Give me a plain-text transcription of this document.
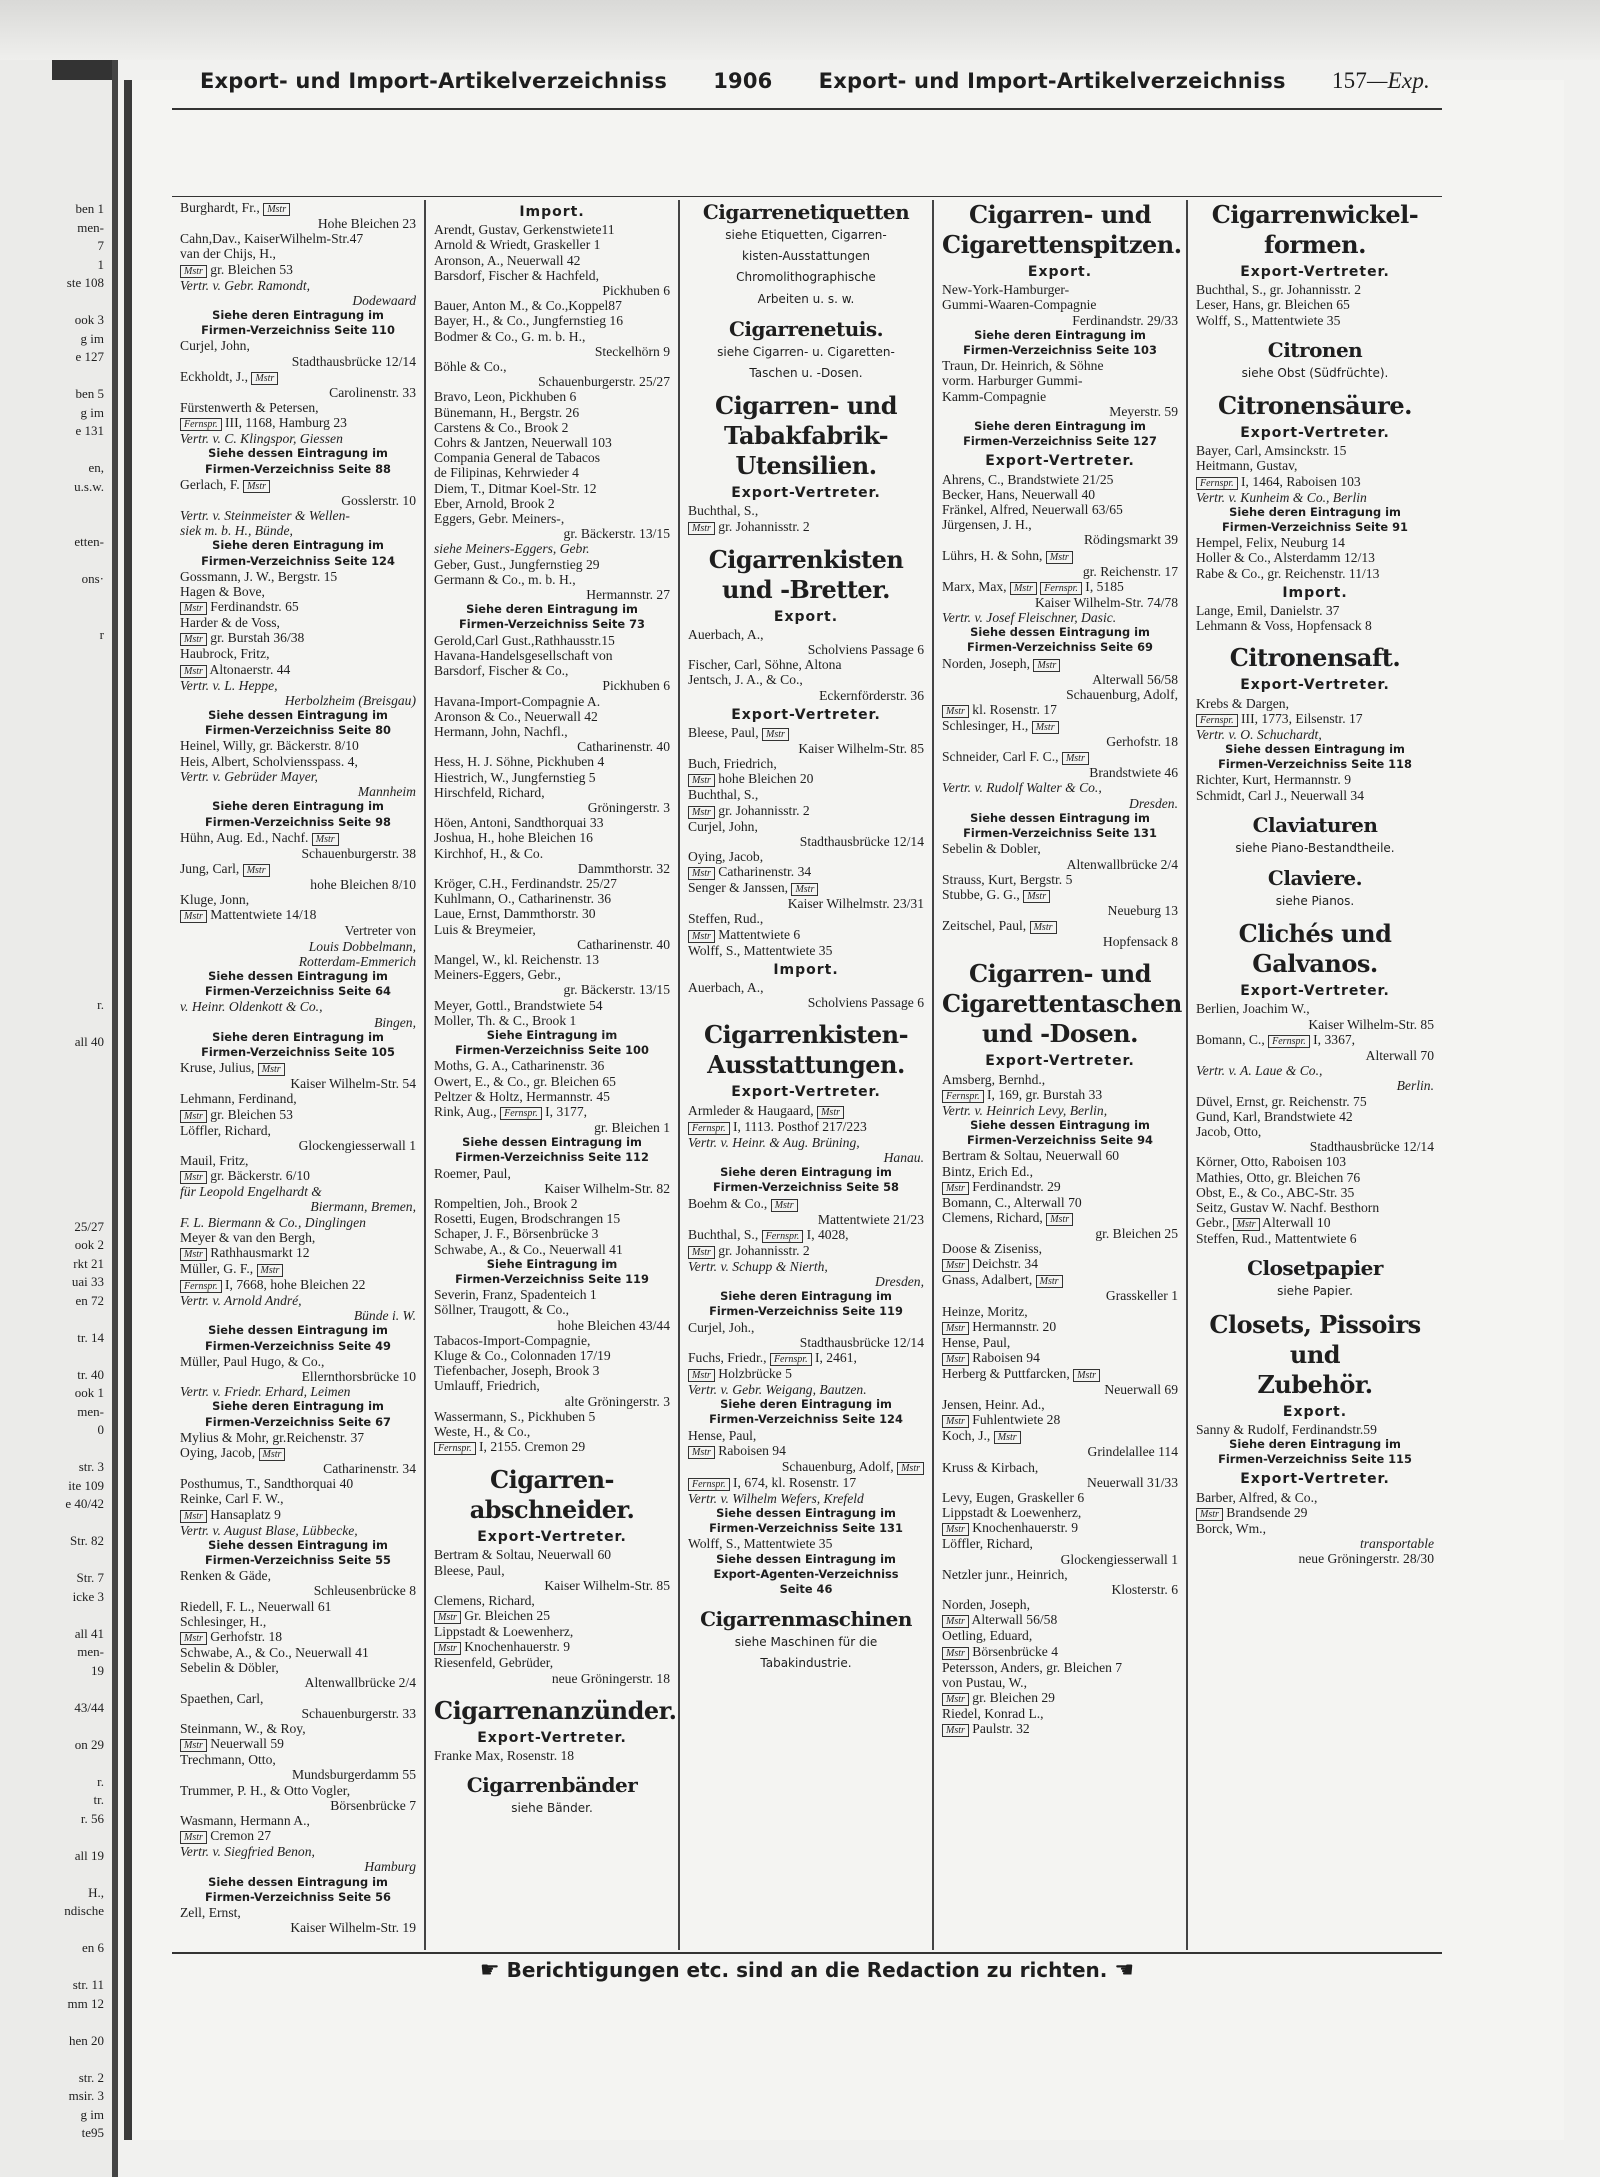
ben 1
men-
7
1
ste 108

ook 3
g im
e 127

ben 5
g im
e 131

en,
u.s.w.

etten-

ons·

r

r.

all 40

25/27
ook 2
rkt 21
uai 33
en 72

tr. 14

tr. 40
ook 1
men-
0

str. 3
ite 109
e 40/42

Str. 82

Str. 7
icke 3

all 41
men-
19

43/44

on 29

r.
tr.
r. 56

all 19

H.,
ndische

en 6

str. 11
mm 12

hen 20

str. 2
msir. 3
g im
te95
Export- und Import-Artikelverzeichniss 1906 Export- und Import-Artikelverzeichniss 157—Exp.
Burghardt, Fr., Mstr
Hohe Bleichen 23
Cahn,Dav., KaiserWilhelm-Str.47
van der Chijs, H.,
Mstr gr. Bleichen 53
Vertr. v. Gebr. Ramondt,
Dodewaard
Siehe deren Eintragung im
Firmen-Verzeichniss Seite 110
Curjel, John,
Stadthausbrücke 12/14
Eckholdt, J., Mstr
Carolinenstr. 33
Fürstenwerth & Petersen,
Fernspr. III, 1168, Hamburg 23
Vertr. v. C. Klingspor, Giessen
Siehe dessen Eintragung im
Firmen-Verzeichniss Seite 88
Gerlach, F. Mstr
Gosslerstr. 10
Vertr. v. Steinmeister & Wellen-
siek m. b. H., Bünde,
Siehe deren Eintragung im
Firmen-Verzeichniss Seite 124
Gossmann, J. W., Bergstr. 15
Hagen & Bove,
Mstr Ferdinandstr. 65
Harder & de Voss,
Mstr gr. Burstah 36/38
Haubrock, Fritz,
Mstr Altonaerstr. 44
Vertr. v. L. Heppe,
Herbolzheim (Breisgau)
Siehe dessen Eintragung im
Firmen-Verzeichniss Seite 80
Heinel, Willy, gr. Bäckerstr. 8/10
Heis, Albert, Scholviensspass. 4,
Vertr. v. Gebrüder Mayer,
Mannheim
Siehe deren Eintragung im
Firmen-Verzeichniss Seite 98
Hühn, Aug. Ed., Nachf. Mstr
Schauenburgerstr. 38
Jung, Carl, Mstr
hohe Bleichen 8/10
Kluge, Jonn,
Mstr Mattentwiete 14/18
Vertreter von
Louis Dobbelmann,
Rotterdam-Emmerich
Siehe dessen Eintragung im
Firmen-Verzeichniss Seite 64
v. Heinr. Oldenkott & Co.,
Bingen,
Siehe deren Eintragung im
Firmen-Verzeichniss Seite 105
Kruse, Julius, Mstr
Kaiser Wilhelm-Str. 54
Lehmann, Ferdinand,
Mstr gr. Bleichen 53
Löffler, Richard,
Glockengiesserwall 1
Mauil, Fritz,
Mstr gr. Bäckerstr. 6/10
für Leopold Engelhardt &
Biermann, Bremen,
F. L. Biermann & Co., Dinglingen
Meyer & van den Bergh,
Mstr Rathhausmarkt 12
Müller, G. F., Mstr
Fernspr. I, 7668, hohe Bleichen 22
Vertr. v. Arnold André,
Bünde i. W.
Siehe dessen Eintragung im
Firmen-Verzeichniss Seite 49
Müller, Paul Hugo, & Co.,
Ellernthorsbrücke 10
Vertr. v. Friedr. Erhard, Leimen
Siehe deren Eintragung im
Firmen-Verzeichniss Seite 67
Mylius & Mohr, gr.Reichenstr. 37
Oying, Jacob, Mstr
Catharinenstr. 34
Posthumus, T., Sandthorquai 40
Reinke, Carl F. W.,
Mstr Hansaplatz 9
Vertr. v. August Blase, Lübbecke,
Siehe dessen Eintragung im
Firmen-Verzeichniss Seite 55
Renken & Gäde,
Schleusenbrücke 8
Riedell, F. L., Neuerwall 61
Schlesinger, H.,
Mstr Gerhofstr. 18
Schwabe, A., & Co., Neuerwall 41
Sebelin & Döbler,
Altenwallbrücke 2/4
Spaethen, Carl,
Schauenburgerstr. 33
Steinmann, W., & Roy,
Mstr Neuerwall 59
Trechmann, Otto,
Mundsburgerdamm 55
Trummer, P. H., & Otto Vogler,
Börsenbrücke 7
Wasmann, Hermann A.,
Mstr Cremon 27
Vertr. v. Siegfried Benon,
Hamburg
Siehe dessen Eintragung im
Firmen-Verzeichniss Seite 56
Zell, Ernst,
Kaiser Wilhelm-Str. 19
Import.
Arendt, Gustav, Gerkenstwiete11
Arnold & Wriedt, Graskeller 1
Aronson, A., Neuerwall 42
Barsdorf, Fischer & Hachfeld,
Pickhuben 6
Bauer, Anton M., & Co.,Koppel87
Bayer, H., & Co., Jungfernstieg 16
Bodmer & Co., G. m. b. H.,
Steckelhörn 9
Böhle & Co.,
Schauenburgerstr. 25/27
Bravo, Leon, Pickhuben 6
Bünemann, H., Bergstr. 26
Carstens & Co., Brook 2
Cohrs & Jantzen, Neuerwall 103
Compania General de Tabacos
de Filipinas, Kehrwieder 4
Diem, T., Ditmar Koel-Str. 12
Eber, Arnold, Brook 2
Eggers, Gebr. Meiners-,
gr. Bäckerstr. 13/15
siehe Meiners-Eggers, Gebr.
Geber, Gust., Jungfernstieg 29
Germann & Co., m. b. H.,
Hermannstr. 27
Siehe deren Eintragung im
Firmen-Verzeichniss Seite 73
Gerold,Carl Gust.,Rathhausstr.15
Havana-Handelsgesellschaft von
Barsdorf, Fischer & Co.,
Pickhuben 6
Havana-Import-Compagnie A.
Aronson & Co., Neuerwall 42
Hermann, John, Nachfl.,
Catharinenstr. 40
Hess, H. J. Söhne, Pickhuben 4
Hiestrich, W., Jungfernstieg 5
Hirschfeld, Richard,
Gröningerstr. 3
Höen, Antoni, Sandthorquai 33
Joshua, H., hohe Bleichen 16
Kirchhof, H., & Co.
Dammthorstr. 32
Kröger, C.H., Ferdinandstr. 25/27
Kuhlmann, O., Catharinenstr. 36
Laue, Ernst, Dammthorstr. 30
Luis & Breymeier,
Catharinenstr. 40
Mangel, W., kl. Reichenstr. 13
Meiners-Eggers, Gebr.,
gr. Bäckerstr. 13/15
Meyer, Gottl., Brandstwiete 54
Moller, Th. & C., Brook 1
Siehe Eintragung im
Firmen-Verzeichniss Seite 100
Moths, G. A., Catharinenstr. 36
Owert, E., & Co., gr. Bleichen 65
Peltzer & Holtz, Hermannstr. 45
Rink, Aug., Fernspr. I, 3177,
gr. Bleichen 1
Siehe dessen Eintragung im
Firmen-Verzeichniss Seite 112
Roemer, Paul,
Kaiser Wilhelm-Str. 82
Rompeltien, Joh., Brook 2
Rosetti, Eugen, Brodschrangen 15
Schaper, J. F., Börsenbrücke 3
Schwabe, A., & Co., Neuerwall 41
Siehe Eintragung im
Firmen-Verzeichniss Seite 119
Severin, Franz, Spadenteich 1
Söllner, Traugott, & Co.,
hohe Bleichen 43/44
Tabacos-Import-Compagnie,
Kluge & Co., Colonnaden 17/19
Tiefenbacher, Joseph, Brook 3
Umlauff, Friedrich,
alte Gröningerstr. 3
Wassermann, S., Pickhuben 5
Weste, H., & Co.,
Fernspr. I, 2155. Cremon 29
Cigarren-
abschneider.
Export-Vertreter.
Bertram & Soltau, Neuerwall 60
Bleese, Paul,
Kaiser Wilhelm-Str. 85
Clemens, Richard,
Mstr Gr. Bleichen 25
Lippstadt & Loewenherz,
Mstr Knochenhauerstr. 9
Riesenfeld, Gebrüder,
neue Gröningerstr. 18
Cigarrenanzünder.
Export-Vertreter.
Franke Max, Rosenstr. 18
Cigarrenbänder
siehe Bänder.
Cigarrenetiquetten
siehe Etiquetten, Cigarren-
kisten-Ausstattungen
Chromolithographische
Arbeiten u. s. w.
Cigarrenetuis.
siehe Cigarren- u. Cigaretten-
Taschen u. -Dosen.
Cigarren- und
Tabakfabrik-
Utensilien.
Export-Vertreter.
Buchthal, S.,
Mstr gr. Johannisstr. 2
Cigarrenkisten
und -Bretter.
Export.
Auerbach, A.,
Scholviens Passage 6
Fischer, Carl, Söhne, Altona
Jentsch, J. A., & Co.,
Eckernförderstr. 36
Export-Vertreter.
Bleese, Paul, Mstr
Kaiser Wilhelm-Str. 85
Buch, Friedrich,
Mstr hohe Bleichen 20
Buchthal, S.,
Mstr gr. Johannisstr. 2
Curjel, John,
Stadthausbrücke 12/14
Oying, Jacob,
Mstr Catharinenstr. 34
Senger & Janssen, Mstr
Kaiser Wilhelmstr. 23/31
Steffen, Rud.,
Mstr Mattentwiete 6
Wolff, S., Mattentwiete 35
Import.
Auerbach, A.,
Scholviens Passage 6
Cigarrenkisten-
Ausstattungen.
Export-Vertreter.
Armleder & Haugaard, Mstr
Fernspr. I, 1113. Posthof 217/223
Vertr. v. Heinr. & Aug. Brüning,
Hanau.
Siehe deren Eintragung im
Firmen-Verzeichniss Seite 58
Boehm & Co., Mstr
Mattentwiete 21/23
Buchthal, S., Fernspr. I, 4028,
Mstr gr. Johannisstr. 2
Vertr. v. Schupp & Nierth,
Dresden,
Siehe deren Eintragung im
Firmen-Verzeichniss Seite 119
Curjel, Joh.,
Stadthausbrücke 12/14
Fuchs, Friedr., Fernspr. I, 2461,
Mstr Holzbrücke 5
Vertr. v. Gebr. Weigang, Bautzen.
Siehe deren Eintragung im
Firmen-Verzeichniss Seite 124
Hense, Paul,
Mstr Raboisen 94
Schauenburg, Adolf, Mstr
Fernspr. I, 674, kl. Rosenstr. 17
Vertr. v. Wilhelm Wefers, Krefeld
Siehe dessen Eintragung im
Firmen-Verzeichniss Seite 131
Wolff, S., Mattentwiete 35
Siehe dessen Eintragung im
Export-Agenten-Verzeichniss
Seite 46
Cigarrenmaschinen
siehe Maschinen für die
Tabakindustrie.
Cigarren- und
Cigarettenspitzen.
Export.
New-York-Hamburger-
Gummi-Waaren-Compagnie
Ferdinandstr. 29/33
Siehe deren Eintragung im
Firmen-Verzeichniss Seite 103
Traun, Dr. Heinrich, & Söhne
vorm. Harburger Gummi-
Kamm-Compagnie
Meyerstr. 59
Siehe deren Eintragung im
Firmen-Verzeichniss Seite 127
Export-Vertreter.
Ahrens, C., Brandstwiete 21/25
Becker, Hans, Neuerwall 40
Fränkel, Alfred, Neuerwall 63/65
Jürgensen, J. H.,
Rödingsmarkt 39
Lührs, H. & Sohn, Mstr
gr. Reichenstr. 17
Marx, Max, Mstr Fernspr. I, 5185
Kaiser Wilhelm-Str. 74/78
Vertr. v. Josef Fleischner, Dasic.
Siehe dessen Eintragung im
Firmen-Verzeichniss Seite 69
Norden, Joseph, Mstr
Alterwall 56/58
Schauenburg, Adolf,
Mstr kl. Rosenstr. 17
Schlesinger, H., Mstr
Gerhofstr. 18
Schneider, Carl F. C., Mstr
Brandstwiete 46
Vertr. v. Rudolf Walter & Co.,
Dresden.
Siehe dessen Eintragung im
Firmen-Verzeichniss Seite 131
Sebelin & Dobler,
Altenwallbrücke 2/4
Strauss, Kurt, Bergstr. 5
Stubbe, G. G., Mstr
Neueburg 13
Zeitschel, Paul, Mstr
Hopfensack 8
Cigarren- und
Cigarettentaschen
und -Dosen.
Export-Vertreter.
Amsberg, Bernhd.,
Fernspr. I, 169, gr. Burstah 33
Vertr. v. Heinrich Levy, Berlin,
Siehe dessen Eintragung im
Firmen-Verzeichniss Seite 94
Bertram & Soltau, Neuerwall 60
Bintz, Erich Ed.,
Mstr Ferdinandstr. 29
Bomann, C., Alterwall 70
Clemens, Richard, Mstr
gr. Bleichen 25
Doose & Ziseniss,
Mstr Deichstr. 34
Gnass, Adalbert, Mstr
Grasskeller 1
Heinze, Moritz,
Mstr Hermannstr. 20
Hense, Paul,
Mstr Raboisen 94
Herberg & Puttfarcken, Mstr
Neuerwall 69
Jensen, Heinr. Ad.,
Mstr Fuhlentwiete 28
Koch, J., Mstr
Grindelallee 114
Kruss & Kirbach,
Neuerwall 31/33
Levy, Eugen, Graskeller 6
Lippstadt & Loewenherz,
Mstr Knochenhauerstr. 9
Löffler, Richard,
Glockengiesserwall 1
Netzler junr., Heinrich,
Klosterstr. 6
Norden, Joseph,
Mstr Alterwall 56/58
Oetling, Eduard,
Mstr Börsenbrücke 4
Petersson, Anders, gr. Bleichen 7
von Pustau, W.,
Mstr gr. Bleichen 29
Riedel, Konrad L.,
Mstr Paulstr. 32
Cigarrenwickel-
formen.
Export-Vertreter.
Buchthal, S., gr. Johannisstr. 2
Leser, Hans, gr. Bleichen 65
Wolff, S., Mattentwiete 35
Citronen
siehe Obst (Südfrüchte).
Citronensäure.
Export-Vertreter.
Bayer, Carl, Amsinckstr. 15
Heitmann, Gustav,
Fernspr. I, 1464, Raboisen 103
Vertr. v. Kunheim & Co., Berlin
Siehe deren Eintragung im
Firmen-Verzeichniss Seite 91
Hempel, Felix, Neuburg 14
Holler & Co., Alsterdamm 12/13
Rabe & Co., gr. Reichenstr. 11/13
Import.
Lange, Emil, Danielstr. 37
Lehmann & Voss, Hopfensack 8
Citronensaft.
Export-Vertreter.
Krebs & Dargen,
Fernspr. III, 1773, Eilsenstr. 17
Vertr. v. O. Schuchardt,
Siehe dessen Eintragung im
Firmen-Verzeichniss Seite 118
Richter, Kurt, Hermannstr. 9
Schmidt, Carl J., Neuerwall 34
Claviaturen
siehe Piano-Bestandtheile.
Claviere.
siehe Pianos.
Clichés und
Galvanos.
Export-Vertreter.
Berlien, Joachim W.,
Kaiser Wilhelm-Str. 85
Bomann, C., Fernspr. I, 3367,
Alterwall 70
Vertr. v. A. Laue & Co.,
Berlin.
Düvel, Ernst, gr. Reichenstr. 75
Gund, Karl, Brandstwiete 42
Jacob, Otto,
Stadthausbrücke 12/14
Körner, Otto, Raboisen 103
Mathies, Otto, gr. Bleichen 76
Obst, E., & Co., ABC-Str. 35
Seitz, Gustav W. Nachf. Besthorn
Gebr., Mstr Alterwall 10
Steffen, Rud., Mattentwiete 6
Closetpapier
siehe Papier.
Closets, Pissoirs und
Zubehör.
Export.
Sanny & Rudolf, Ferdinandstr.59
Siehe deren Eintragung im
Firmen-Verzeichniss Seite 115
Export-Vertreter.
Barber, Alfred, & Co.,
Mstr Brandsende 29
Borck, Wm.,
transportable
neue Gröningerstr. 28/30
☛ Berichtigungen etc. sind an die Redaction zu richten. ☚
